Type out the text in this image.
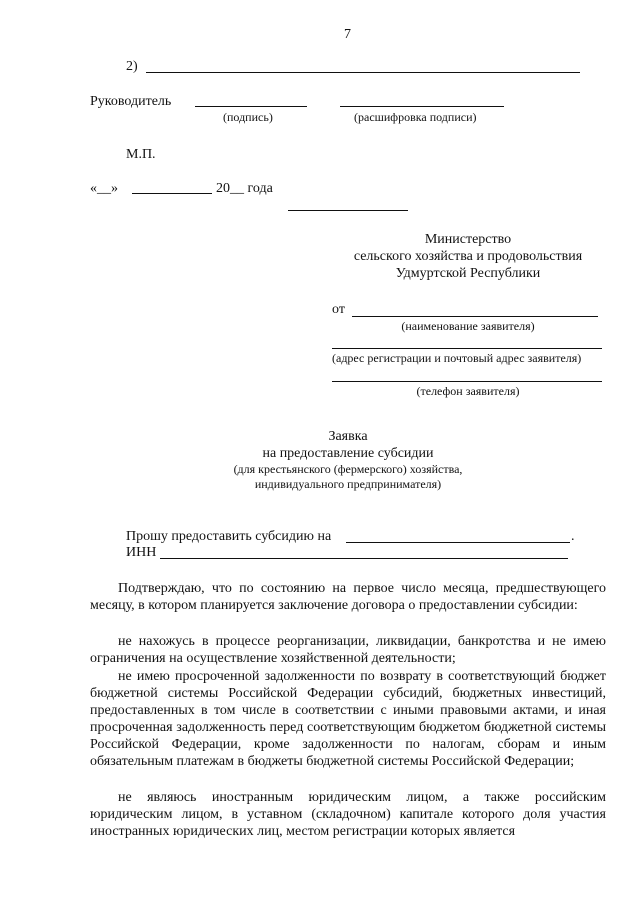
7
2)
Руководитель
(подпись)	(расшифровка подписи)
М.П.
«__»	20__ года
Министерство
сельского хозяйства и продовольствия
Удмуртской Республики
от
(наименование заявителя)
(адрес регистрации и почтовый адрес заявителя)
(телефон заявителя)
Заявка
на предоставление субсидии
(для крестьянского (фермерского) хозяйства,
индивидуального предпринимателя)
Прошу предоставить субсидию на	.
ИНН
Подтверждаю, что по состоянию на первое число месяца, предшествующего месяцу, в котором планируется заключение договора о предоставлении субсидии:
не нахожусь в процессе реорганизации, ликвидации, банкротства и не имею ограничения на осуществление хозяйственной деятельности;
не имею просроченной задолженности по возврату в соответствующий бюджет бюджетной системы Российской Федерации субсидий, бюджетных инвестиций, предоставленных в том числе в соответствии с иными правовыми актами, и иная просроченная задолженность перед соответствующим бюджетом бюджетной системы Российской Федерации, кроме задолженности по налогам, сборам и иным обязательным платежам в бюджеты бюджетной системы Российской Федерации;
не являюсь иностранным юридическим лицом, а также российским юридическим лицом, в уставном (складочном) капитале которого доля участия иностранных юридических лиц, местом регистрации которых является
